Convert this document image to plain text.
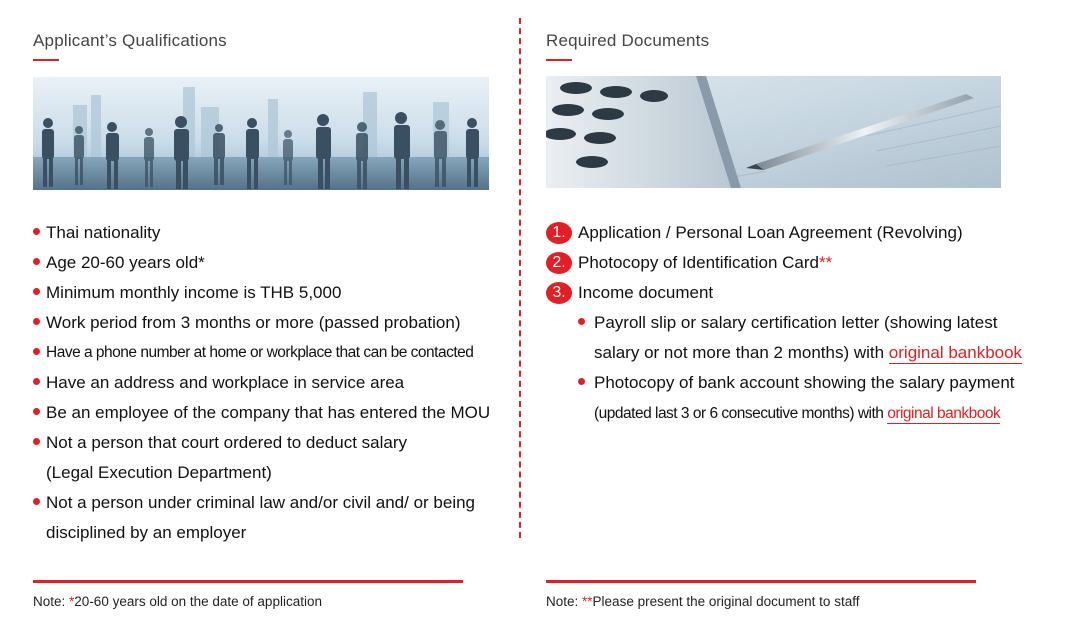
Applicant’s Qualifications
Thai nationality
Age 20-60 years old*
Minimum monthly income is THB 5,000
Work period from 3 months or more (passed probation)
Have a phone number at home or workplace that can be contacted
Have an address and workplace in service area
Be an employee of the company that has entered the MOU
Not a person that court ordered to deduct salary
(Legal Execution Department)
Not a person under criminal law and/or civil and/ or being
disciplined by an employer
Note: *20-60 years old on the date of application
Required Documents
1. Application / Personal Loan Agreement (Revolving)
2. Photocopy of Identification Card**
3. Income document
Payroll slip or salary certification letter (showing latest
salary or not more than 2 months) with original bankbook
Photocopy of bank account showing the salary payment
(updated last 3 or 6 consecutive months) with original bankbook
Note: **Please present the original document to staff
